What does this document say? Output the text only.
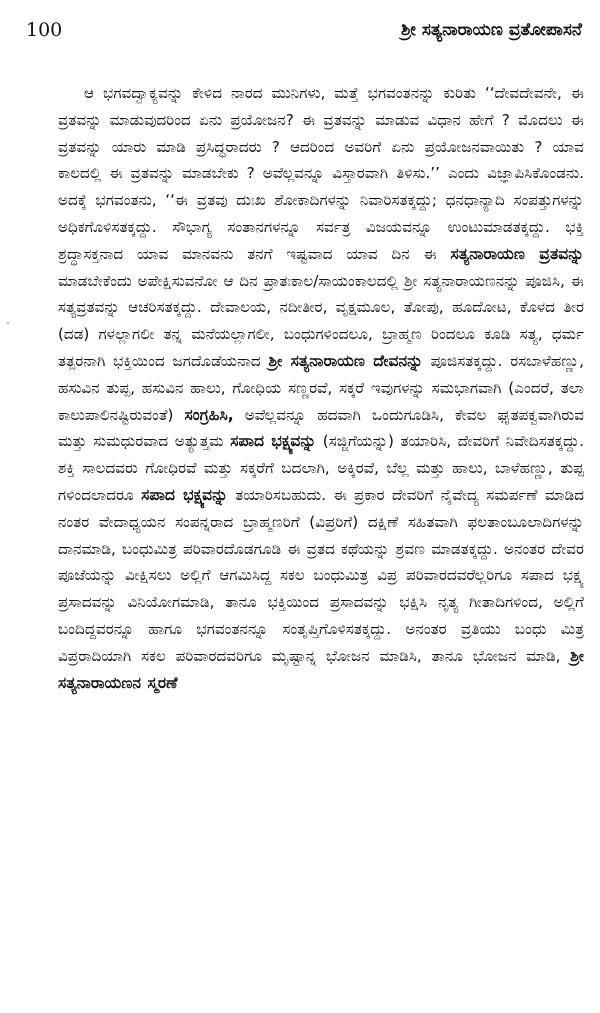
100	ಶ್ರೀ ಸತ್ಯನಾರಾಯಣ ವ್ರತೋಪಾಸನೆ
‑

ಆ ಭಗವದ್ವಾಕ್ಯವನ್ನು ಕೇಳಿದ ನಾರದ ಮುನಿಗಳು, ಮತ್ತೆ ಭಗವಂತನನ್ನು ಕುರಿತು ‘‘ದೇವದೇವನೇ, ಈ ವ್ರತವನ್ನು ಮಾಡುವುದರಿಂದ ಏನು ಪ್ರಯೋಜನ? ಈ ವ್ರತವನ್ನು ಮಾಡುವ ವಿಧಾನ ಹೇಗೆ ? ಮೊದಲು ಈ ವ್ರತವನ್ನು ಯಾರು ಮಾಡಿ ಪ್ರಸಿದ್ಧರಾದರು ? ಆದರಿಂದ ಅವರಿಗೆ ಏನು ಪ್ರಯೋಜನವಾಯಿತು ? ಯಾವ ಕಾಲದಲ್ಲಿ ಈ ವ್ರತವನ್ನು ಮಾಡಬೇಕು ? ಅವೆಲ್ಲವನ್ನೂ ವಿಸ್ತಾರವಾಗಿ ತಿಳಿಸು.’’ ಎಂದು ವಿಜ್ಞಾಪಿಸಿಕೊಂಡನು. ಅದಕ್ಕೆ ಭಗವಂತನು, ‘‘ಈ ವ್ರತವು ದುಃಖ ಶೋಕಾದಿಗಳನ್ನು ನಿವಾರಿಸತಕ್ಕದ್ದು; ಧನಧಾನ್ಯಾದಿ ಸಂಪತ್ತುಗಳನ್ನು ಅಧಿಕಗೊಳಿಸತಕ್ಕದ್ದು. ಸೌಭಾಗ್ಯ ಸಂತಾನಗಳನ್ನೂ ಸರ್ವತ್ರ ವಿಜಯವನ್ನೂ ಉಂಟುಮಾಡತಕ್ಕದ್ದು. ಭಕ್ತಿ ಶ್ರದ್ಧಾಸಕ್ತನಾದ ಯಾವ ಮಾನವನು ತನಗೆ ಇಷ್ಟವಾದ ಯಾವ ದಿನ ಈ ಸತ್ಯನಾರಾಯಣ ವ್ರತವನ್ನು ಮಾಡಬೇಕೆಂದು ಅಪೇಕ್ಷಿಸುವನೋ ಆ ದಿನ ಪ್ರಾತಃಕಾಲ/ಸಾಯಂಕಾಲದಲ್ಲಿ ಶ್ರೀ ಸತ್ಯನಾರಾಯಣನನ್ನು ಪೂಜಿಸಿ, ಈ ಸತ್ಯವ್ರತವನ್ನು ಆಚರಿಸತಕ್ಕದ್ದು. ದೇವಾಲಯ, ನದೀತೀರ, ವೃಕ್ಷಮೂಲ, ತೋಪು, ಹೂದೋಟ, ಕೊಳದ ತೀರ (ದಡ) ಗಳಲ್ಲಾಗಲೀ ತನ್ನ ಮನೆಯಲ್ಲಾಗಲೀ, ಬಂಧುಗಳಿಂದಲೂ, ಬ್ರಾಹ್ಮಣ ರಿಂದಲೂ ಕೂಡಿ ಸತ್ಯ, ಧರ್ಮ ತತ್ಪರನಾಗಿ ಭಕ್ತಿಯಿಂದ ಜಗದೊಡೆಯನಾದ ಶ್ರೀ ಸತ್ಯನಾರಾಯಣ ದೇವನನ್ನು ಪೂಜಿಸತಕ್ಕದ್ದು. ರಸಬಾಳೆಹಣ್ಣು, ಹಸುವಿನ ತುಪ್ಪ, ಹಸುವಿನ ಹಾಲು, ಗೋಧಿಯ ಸಣ್ಣರವೆ, ಸಕ್ಕರೆ ಇವುಗಳನ್ನು ಸಮಭಾಗವಾಗಿ (ಎಂದರೆ, ತಲಾ ಕಾಲುಪಾಲಿನಷ್ಟಿರುವಂತೆ) ಸಂಗ್ರಹಿಸಿ, ಅವೆಲ್ಲವನ್ನೂ ಹದವಾಗಿ ಒಂದುಗೂಡಿಸಿ, ಕೇವಲ ಘೃತಪಕ್ವವಾಗಿರುವ ಮತ್ತು ಸುಮಧುರವಾದ ಅತ್ಯುತ್ತಮ ಸಪಾದ ಭಕ್ಷ್ಯವನ್ನು (ಸಜ್ಜಿಗೆಯನ್ನು) ತಯಾರಿಸಿ, ದೇವರಿಗೆ ನಿವೇದಿಸತಕ್ಕದ್ದು. ಶಕ್ತಿ ಸಾಲದವರು ಗೋಧಿರವೆ ಮತ್ತು ಸಕ್ಕರೆಗೆ ಬದಲಾಗಿ, ಅಕ್ಕಿರವೆ, ಬೆಲ್ಲ ಮತ್ತು ಹಾಲು, ಬಾಳೆಹಣ್ಣು, ತುಪ್ಪ ಗಳಿಂದಲಾದರೂ ಸಪಾದ ಭಕ್ಷ್ಯವನ್ನು ತಯಾರಿಸಬಹುದು. ಈ ಪ್ರಕಾರ ದೇವರಿಗೆ ನೈವೇದ್ಯ ಸಮರ್ಪಣೆ ಮಾಡಿದ ನಂತರ ವೇದಾಧ್ಯಯನ ಸಂಪನ್ನರಾದ ಬ್ರಾಹ್ಮಣರಿಗೆ (ವಿಪ್ರರಿಗೆ) ದಕ್ಷಿಣೆ ಸಹಿತವಾಗಿ ಫಲತಾಂಬೂಲಾದಿಗಳನ್ನು ದಾನಮಾಡಿ, ಬಂಧುಮಿತ್ರ ಪರಿವಾರದೊಡಗೂಡಿ ಈ ವ್ರತದ ಕಥೆಯನ್ನು ಶ್ರವಣ ಮಾಡತಕ್ಕದ್ದು. ಅನಂತರ ದೇವರ ಪೂಜೆಯನ್ನು ವೀಕ್ಷಿಸಲು ಅಲ್ಲಿಗೆ ಆಗಮಿಸಿದ್ದ ಸಕಲ ಬಂಧುಮಿತ್ರ ವಿಪ್ರ ಪರಿವಾರದವರೆಲ್ಲರಿಗೂ ಸಪಾದ ಭಕ್ಷ್ಯ ಪ್ರಸಾದವನ್ನು ವಿನಿಯೋಗಮಾಡಿ, ತಾನೂ ಭಕ್ತಿಯಿಂದ ಪ್ರಸಾದವನ್ನು ಭಕ್ಷಿಸಿ ನೃತ್ಯ ಗೀತಾದಿಗಳಿಂದ, ಅಲ್ಲಿಗೆ ಬಂದಿದ್ದವರನ್ನೂ ಹಾಗೂ ಭಗವಂತನನ್ನೂ ಸಂತೃಪ್ತಿಗೊಳಿಸತಕ್ಕದ್ದು. ಅನಂತರ ವ್ರತಿಯು ಬಂಧು ಮಿತ್ರ ವಿಪ್ರರಾದಿಯಾಗಿ ಸಕಲ ಪರಿವಾರದವರಿಗೂ ಮೃಷ್ಟಾನ್ನ ಭೋಜನ ಮಾಡಿಸಿ, ತಾನೂ ಭೋಜನ ಮಾಡಿ, ಶ್ರೀ ಸತ್ಯನಾರಾಯಣನ ಸ್ಮರಣೆ
